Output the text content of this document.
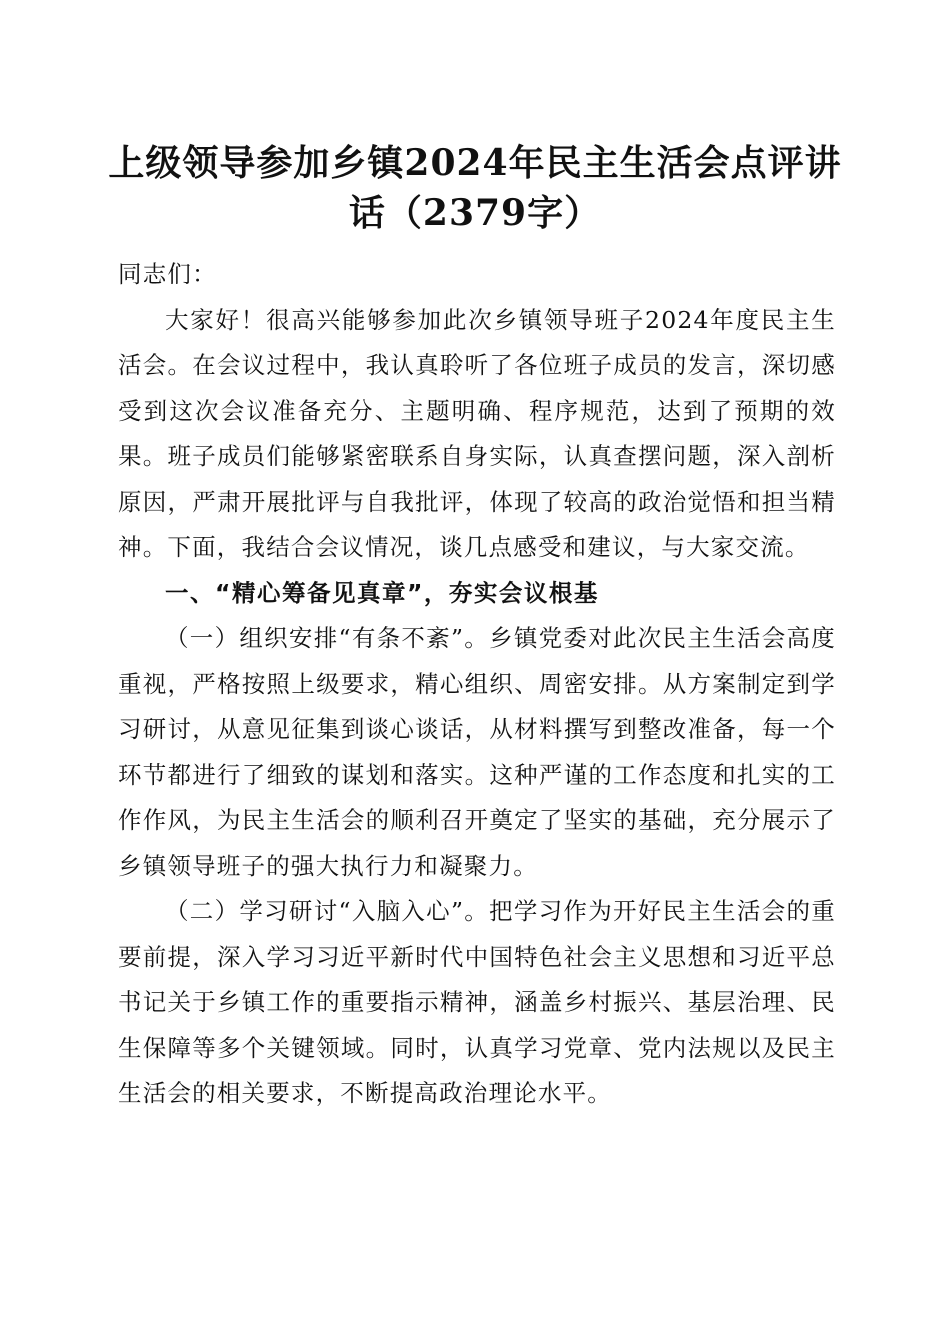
上级领导参加乡镇2024年民主生活会点评讲话（2379字）

同志们：

大家好！很高兴能够参加此次乡镇领导班子2024年度民主生活会。在会议过程中，我认真聆听了各位班子成员的发言，深切感受到这次会议准备充分、主题明确、程序规范，达到了预期的效果。班子成员们能够紧密联系自身实际，认真查摆问题，深入剖析原因，严肃开展批评与自我批评，体现了较高的政治觉悟和担当精神。下面，我结合会议情况，谈几点感受和建议，与大家交流。

一、“精心筹备见真章”，夯实会议根基

（一）组织安排“有条不紊”。乡镇党委对此次民主生活会高度重视，严格按照上级要求，精心组织、周密安排。从方案制定到学习研讨，从意见征集到谈心谈话，从材料撰写到整改准备，每一个环节都进行了细致的谋划和落实。这种严谨的工作态度和扎实的工作作风，为民主生活会的顺利召开奠定了坚实的基础，充分展示了乡镇领导班子的强大执行力和凝聚力。

（二）学习研讨“入脑入心”。把学习作为开好民主生活会的重要前提，深入学习习近平新时代中国特色社会主义思想和习近平总书记关于乡镇工作的重要指示精神，涵盖乡村振兴、基层治理、民生保障等多个关键领域。同时，认真学习党章、党内法规以及民主生活会的相关要求，不断提高政治理论水平。
